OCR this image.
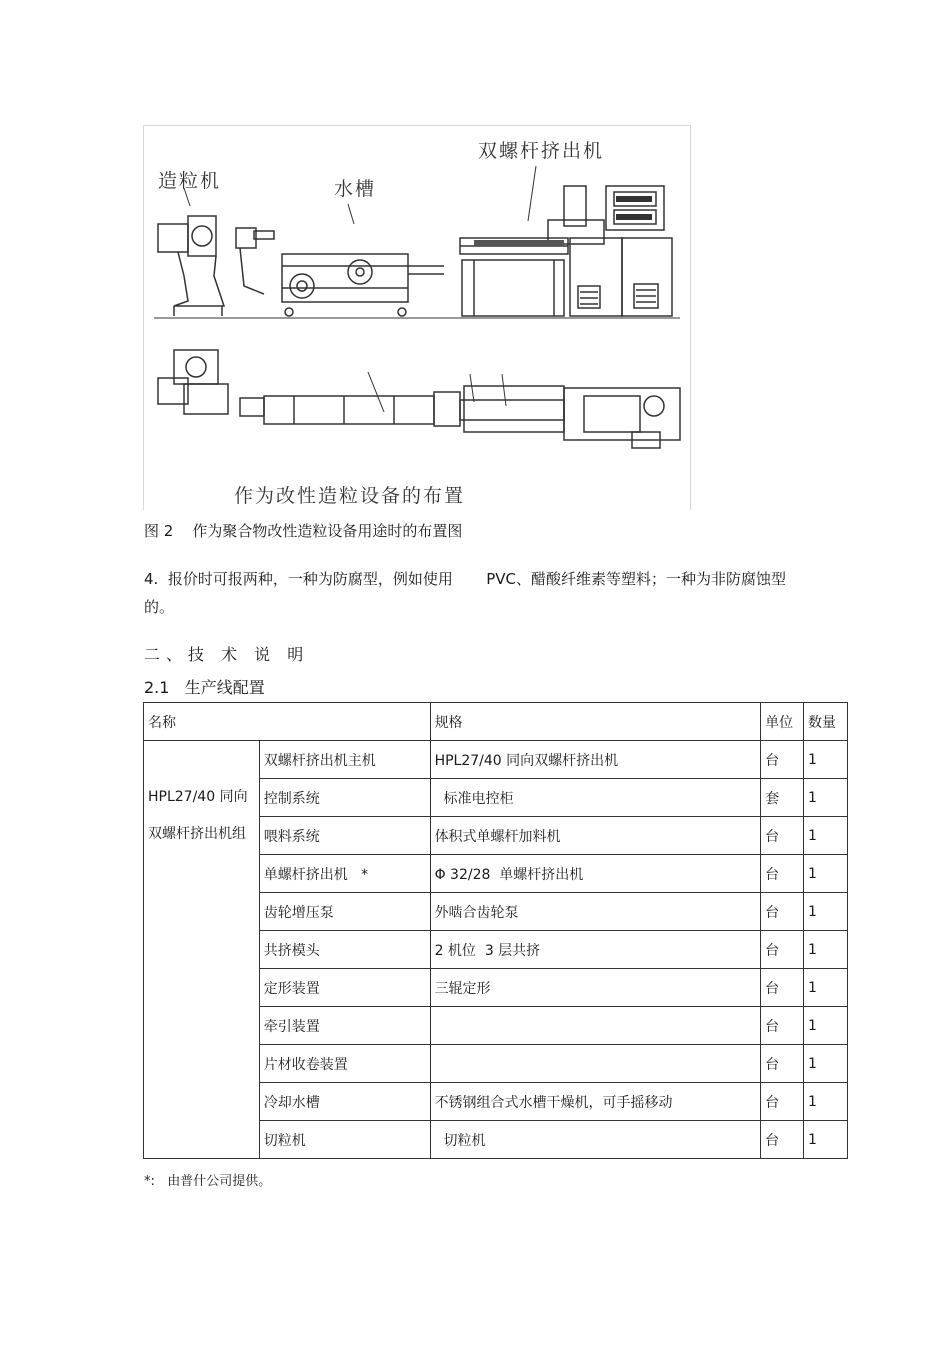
造粒机	水槽
双螺杆挤出机
作为改性造粒设备的布置
图 2    作为聚合物改性造粒设备用途时的布置图
4.  报价时可报两种，一种为防腐型，例如使用       PVC、醋酸纤维素等塑料；一种为非防腐蚀型的。
二、技 术 说 明
2.1   生产线配置
名称		规格	单位	数量
HPL27/40 同向双螺杆挤出机组	双螺杆挤出机主机	HPL27/40 同向双螺杆挤出机	台	1
	控制系统	标准电控柜	套	1
	喂料系统	体积式单螺杆加料机	台	1
	单螺杆挤出机   *	Φ 32/28  单螺杆挤出机	台	1
	齿轮增压泵	外啮合齿轮泵	台	1
	共挤模头	2 机位  3 层共挤	台	1
	定形装置	三辊定形	台	1
	牵引装置		台	1
	片材收卷装置		台	1
	冷却水槽	不锈钢组合式水槽干燥机，可手摇移动	台	1
	切粒机	切粒机	台	1
*:   由普什公司提供。
